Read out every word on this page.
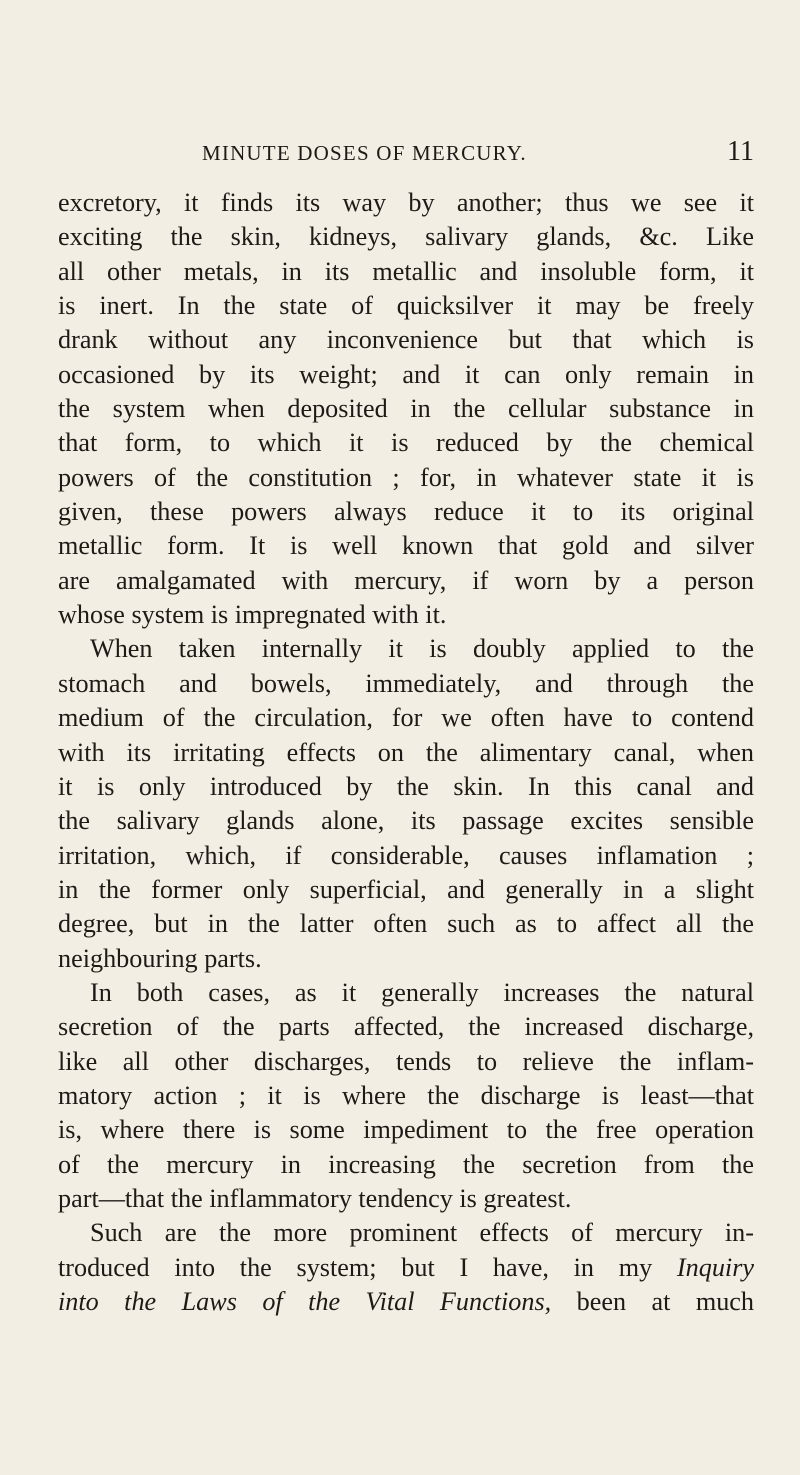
MINUTE DOSES OF MERCURY.	11
excretory, it finds its way by another; thus we see it
exciting the skin, kidneys, salivary glands, &c. Like
all other metals, in its metallic and insoluble form, it
is inert. In the state of quicksilver it may be freely
drank without any inconvenience but that which is
occasioned by its weight; and it can only remain in
the system when deposited in the cellular substance in
that form, to which it is reduced by the chemical
powers of the constitution ; for, in whatever state it is
given, these powers always reduce it to its original
metallic form. It is well known that gold and silver
are amalgamated with mercury, if worn by a person
whose system is impregnated with it.
When taken internally it is doubly applied to the
stomach and bowels, immediately, and through the
medium of the circulation, for we often have to contend
with its irritating effects on the alimentary canal, when
it is only introduced by the skin. In this canal and
the salivary glands alone, its passage excites sensible
irritation, which, if considerable, causes inflamation ;
in the former only superficial, and generally in a slight
degree, but in the latter often such as to affect all the
neighbouring parts.
In both cases, as it generally increases the natural
secretion of the parts affected, the increased discharge,
like all other discharges, tends to relieve the inflam-
matory action ; it is where the discharge is least—that
is, where there is some impediment to the free operation
of the mercury in increasing the secretion from the
part—that the inflammatory tendency is greatest.
Such are the more prominent effects of mercury in-
troduced into the system; but I have, in my Inquiry
into the Laws of the Vital Functions, been at much
